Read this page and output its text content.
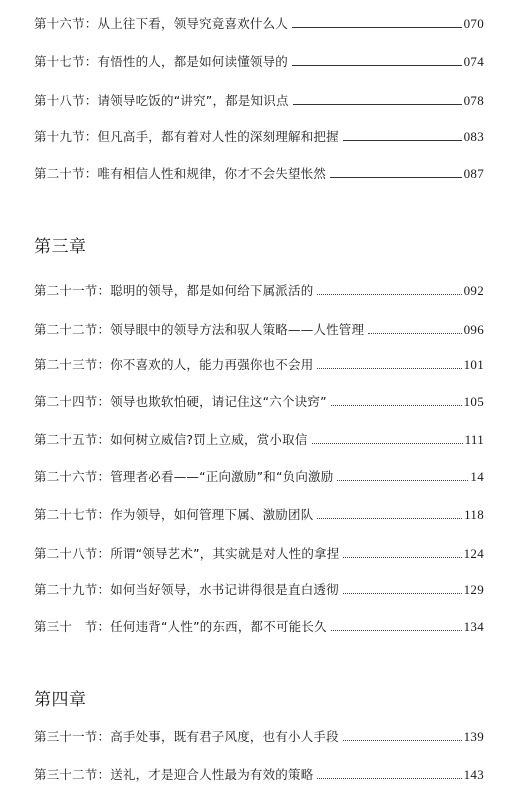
第十六节：从上往下看，领导究竟喜欢什么人	070
第十七节：有悟性的人，都是如何读懂领导的	074
第十八节：请领导吃饭的“讲究”，都是知识点	078
第十九节：但凡高手，都有着对人性的深刻理解和把握	083
第二十节：唯有相信人性和规律，你才不会失望怅然	087
第三章
第二十一节：聪明的领导，都是如何给下属派活的	092
第二十二节：领导眼中的领导方法和驭人策略——人性管理	096
第二十三节：你不喜欢的人，能力再强你也不会用	101
第二十四节：领导也欺软怕硬，请记住这“六个诀窍”	105
第二十五节：如何树立威信?罚上立威，赏小取信	111
第二十六节：管理者必看——“正向激励”和“负向激励	14
第二十七节：作为领导，如何管理下属、激励团队	118
第二十八节：所谓“领导艺术”，其实就是对人性的拿捏	124
第二十九节：如何当好领导，水书记讲得很是直白透彻	129
第三十　节：任何违背“人性”的东西，都不可能长久	134
第四章
第三十一节：高手处事，既有君子风度，也有小人手段	139
第三十二节：送礼，才是迎合人性最为有效的策略	143
